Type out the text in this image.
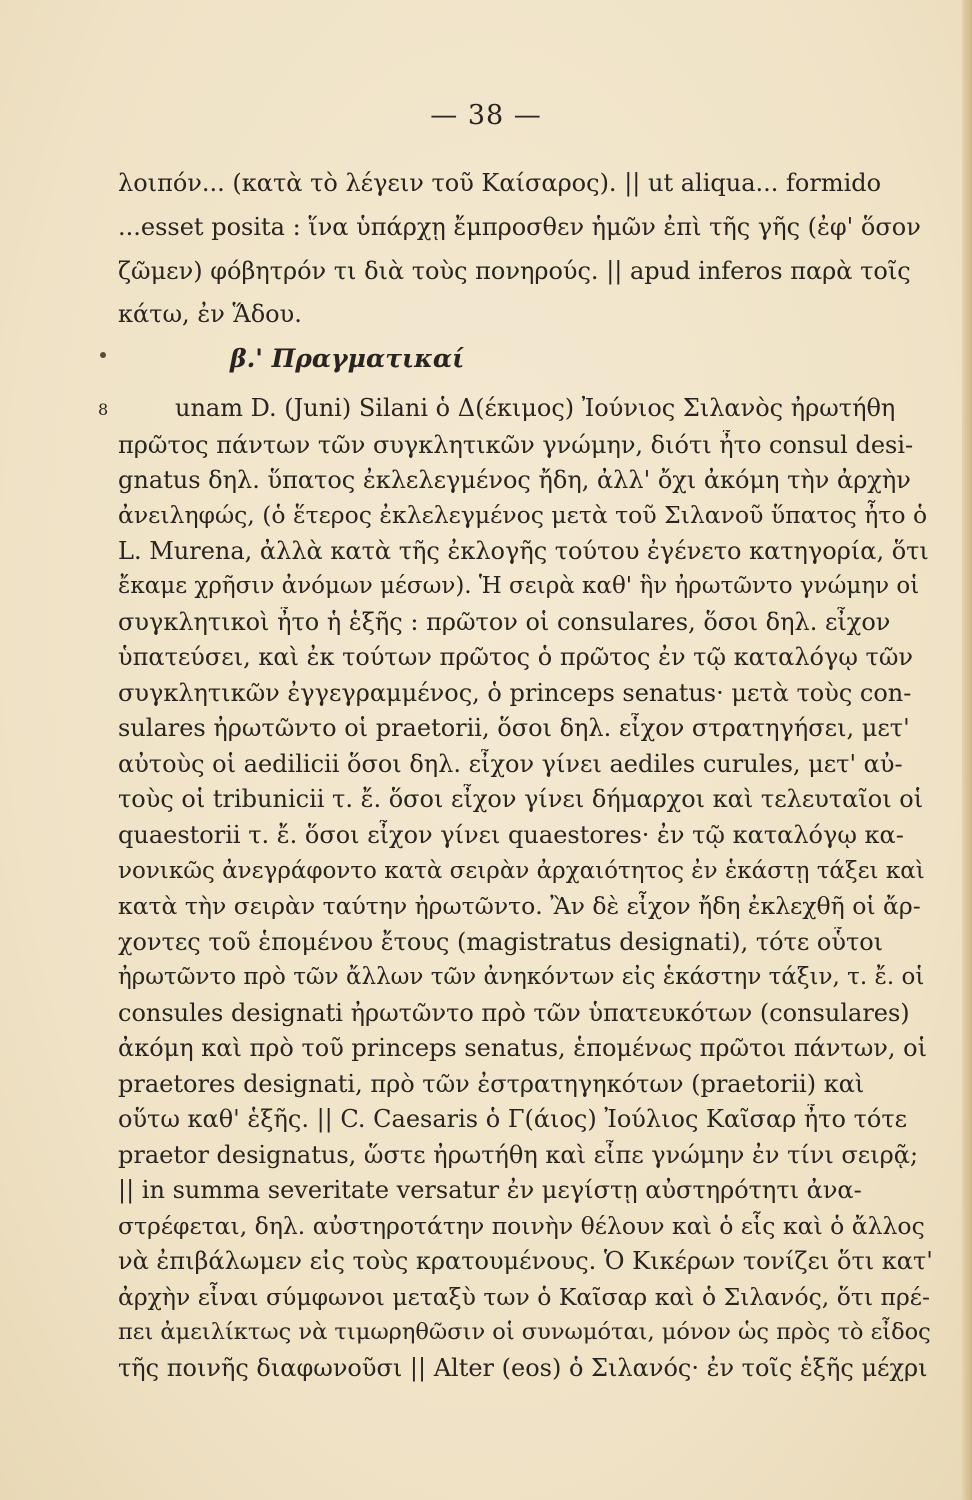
— 38 —
λοιπόν... (κατὰ τὸ λέγειν τοῦ Καίσαρος). || ut aliqua... formido
...esset posita : ἵνα ὑπάρχῃ ἔμπροσθεν ἡμῶν ἐπὶ τῆς γῆς (ἐφ' ὅσον
ζῶμεν) φόβητρόν τι διὰ τοὺς πονηρούς. || apud inferos παρὰ τοῖς
κάτω, ἐν Ἅδου.
β.' Πραγματικαί
8	unam D. (Juni) Silani ὁ Δ(έκιμος) Ἰούνιος Σιλανὸς ἠρωτήθη
πρῶτος πάντων τῶν συγκλητικῶν γνώμην, διότι ἦτο consul desi-
gnatus δηλ. ὕπατος ἐκλελεγμένος ἤδη, ἀλλ' ὄχι ἀκόμη τὴν ἀρχὴν
ἀνειληφώς, (ὁ ἕτερος ἐκλελεγμένος μετὰ τοῦ Σιλανοῦ ὕπατος ἦτο ὁ
L. Murena, ἀλλὰ κατὰ τῆς ἐκλογῆς τούτου ἐγένετο κατηγορία, ὅτι
ἔκαμε χρῆσιν ἀνόμων μέσων). Ἡ σειρὰ καθ' ἣν ἠρωτῶντο γνώμην οἱ
συγκλητικοὶ ἦτο ἡ ἑξῆς : πρῶτον οἱ consulares, ὅσοι δηλ. εἶχον
ὑπατεύσει, καὶ ἐκ τούτων πρῶτος ὁ πρῶτος ἐν τῷ καταλόγῳ τῶν
συγκλητικῶν ἐγγεγραμμένος, ὁ princeps senatus· μετὰ τοὺς con-
sulares ἠρωτῶντο οἱ praetorii, ὅσοι δηλ. εἶχον στρατηγήσει, μετ'
αὐτοὺς οἱ aedilicii ὅσοι δηλ. εἶχον γίνει aediles curules, μετ' αὐ-
τοὺς οἱ tribunicii τ. ἔ. ὅσοι εἶχον γίνει δήμαρχοι καὶ τελευταῖοι οἱ
quaestorii τ. ἔ. ὅσοι εἶχον γίνει quaestores· ἐν τῷ καταλόγῳ κα-
νονικῶς ἀνεγράφοντο κατὰ σειρὰν ἀρχαιότητος ἐν ἑκάστῃ τάξει καὶ
κατὰ τὴν σειρὰν ταύτην ἠρωτῶντο. Ἂν δὲ εἶχον ἤδη ἐκλεχθῆ οἱ ἄρ-
χοντες τοῦ ἑπομένου ἔτους (magistratus designati), τότε οὗτοι
ἠρωτῶντο πρὸ τῶν ἄλλων τῶν ἀνηκόντων εἰς ἑκάστην τάξιν, τ. ἔ. οἱ
consules designati ἠρωτῶντο πρὸ τῶν ὑπατευκότων (consulares)
ἀκόμη καὶ πρὸ τοῦ princeps senatus, ἑπομένως πρῶτοι πάντων, οἱ
praetores designati, πρὸ τῶν ἐστρατηγηκότων (praetorii) καὶ
οὕτω καθ' ἑξῆς. || C. Caesaris ὁ Γ(άιος) Ἰούλιος Καῖσαρ ἦτο τότε
praetor designatus, ὥστε ἠρωτήθη καὶ εἶπε γνώμην ἐν τίνι σειρᾷ;
|| in summa severitate versatur ἐν μεγίστῃ αὐστηρότητι ἀνα-
στρέφεται, δηλ. αὐστηροτάτην ποινὴν θέλουν καὶ ὁ εἷς καὶ ὁ ἄλλος
νὰ ἐπιβάλωμεν εἰς τοὺς κρατουμένους. Ὁ Κικέρων τονίζει ὅτι κατ'
ἀρχὴν εἶναι σύμφωνοι μεταξὺ των ὁ Καῖσαρ καὶ ὁ Σιλανός, ὅτι πρέ-
πει ἀμειλίκτως νὰ τιμωρηθῶσιν οἱ συνωμόται, μόνον ὡς πρὸς τὸ εἶδος
τῆς ποινῆς διαφωνοῦσι || Alter (eos) ὁ Σιλανός· ἐν τοῖς ἑξῆς μέχρι
